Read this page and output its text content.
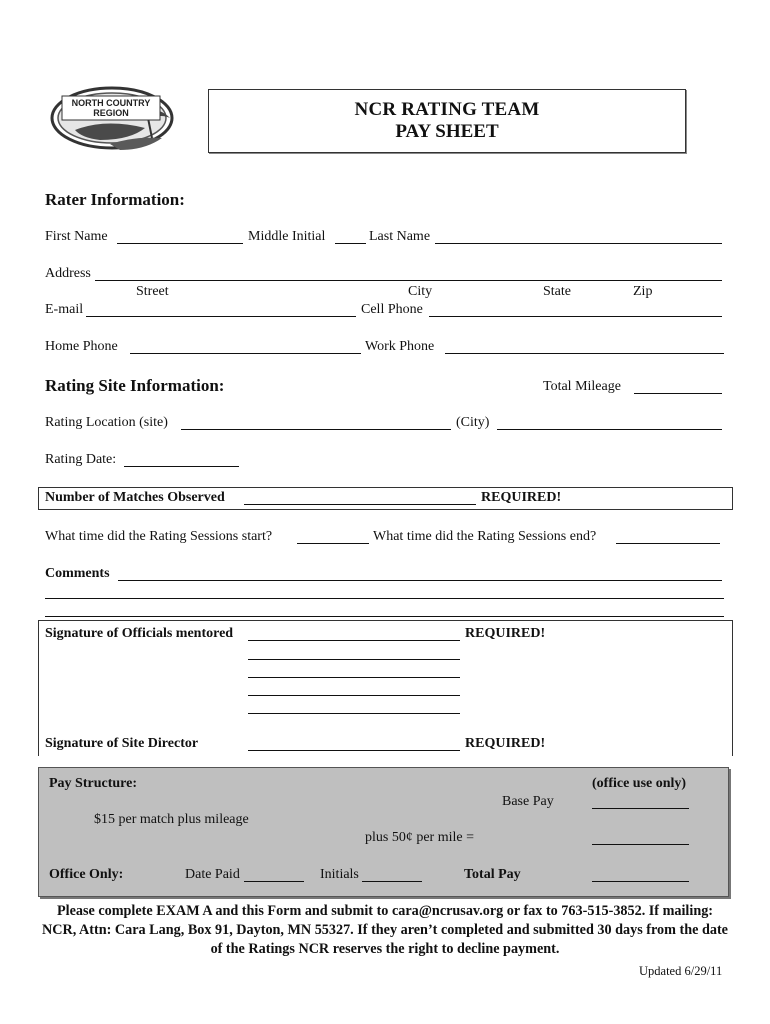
NORTH COUNTRY
REGION	NCR RATING TEAM
PAY SHEET
Rater Information:
First Name	Middle Initial	Last Name
Address
Street	City	State	Zip
E-mail	Cell Phone
Home Phone	Work Phone
Rating Site Information:	Total Mileage
Rating Location (site)	(City)
Rating Date:
Number of Matches Observed	REQUIRED!
What time did the Rating Sessions start?	What time did the Rating Sessions end?
Comments
Signature of Officials mentored	REQUIRED!
Signature of Site Director	REQUIRED!
Pay Structure:	(office use only)
Base Pay
$15 per match plus mileage
plus 50¢ per mile =
Office Only:	Date Paid	Initials	Total Pay
Please complete EXAM A and this Form and submit to cara@ncrusav.org or fax to 763-515-3852. If mailing: NCR, Attn: Cara Lang, Box 91, Dayton, MN 55327. If they aren’t completed and submitted 30 days from the date of the Ratings NCR reserves the right to decline payment.
Updated 6/29/11
